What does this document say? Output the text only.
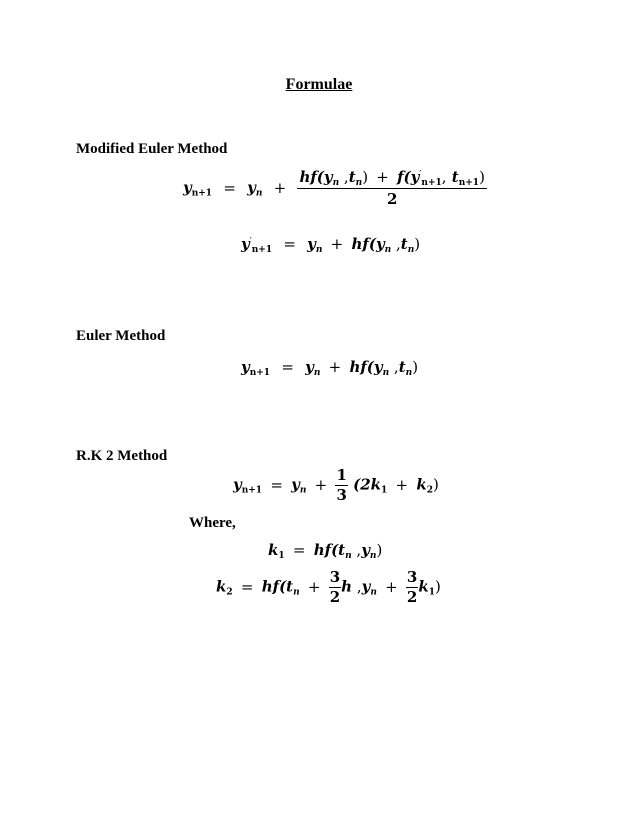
Formulae
Modified Euler Method
$y_{n+1} = y_n + \frac{hf(y_n ,t_n) + f(y'_{n+1}, t_{n+1})}{2}$
$y'_{n+1} = y_n + hf(y_n$ $,t_n$)
Euler Method
$y_{n+1} = y_n + hf(y_n$ $,t_n$)
R.K 2 Method
$y_{n+1} = y_n + \frac{1}{3} (2k_1 + k_2)$
Where,
$k_1 = hf(t_n$ $,y_n$)
$k_2 = hf(t_n + \frac{3}{2}$ h $,y_n + \frac{3}{2} k_1$)
